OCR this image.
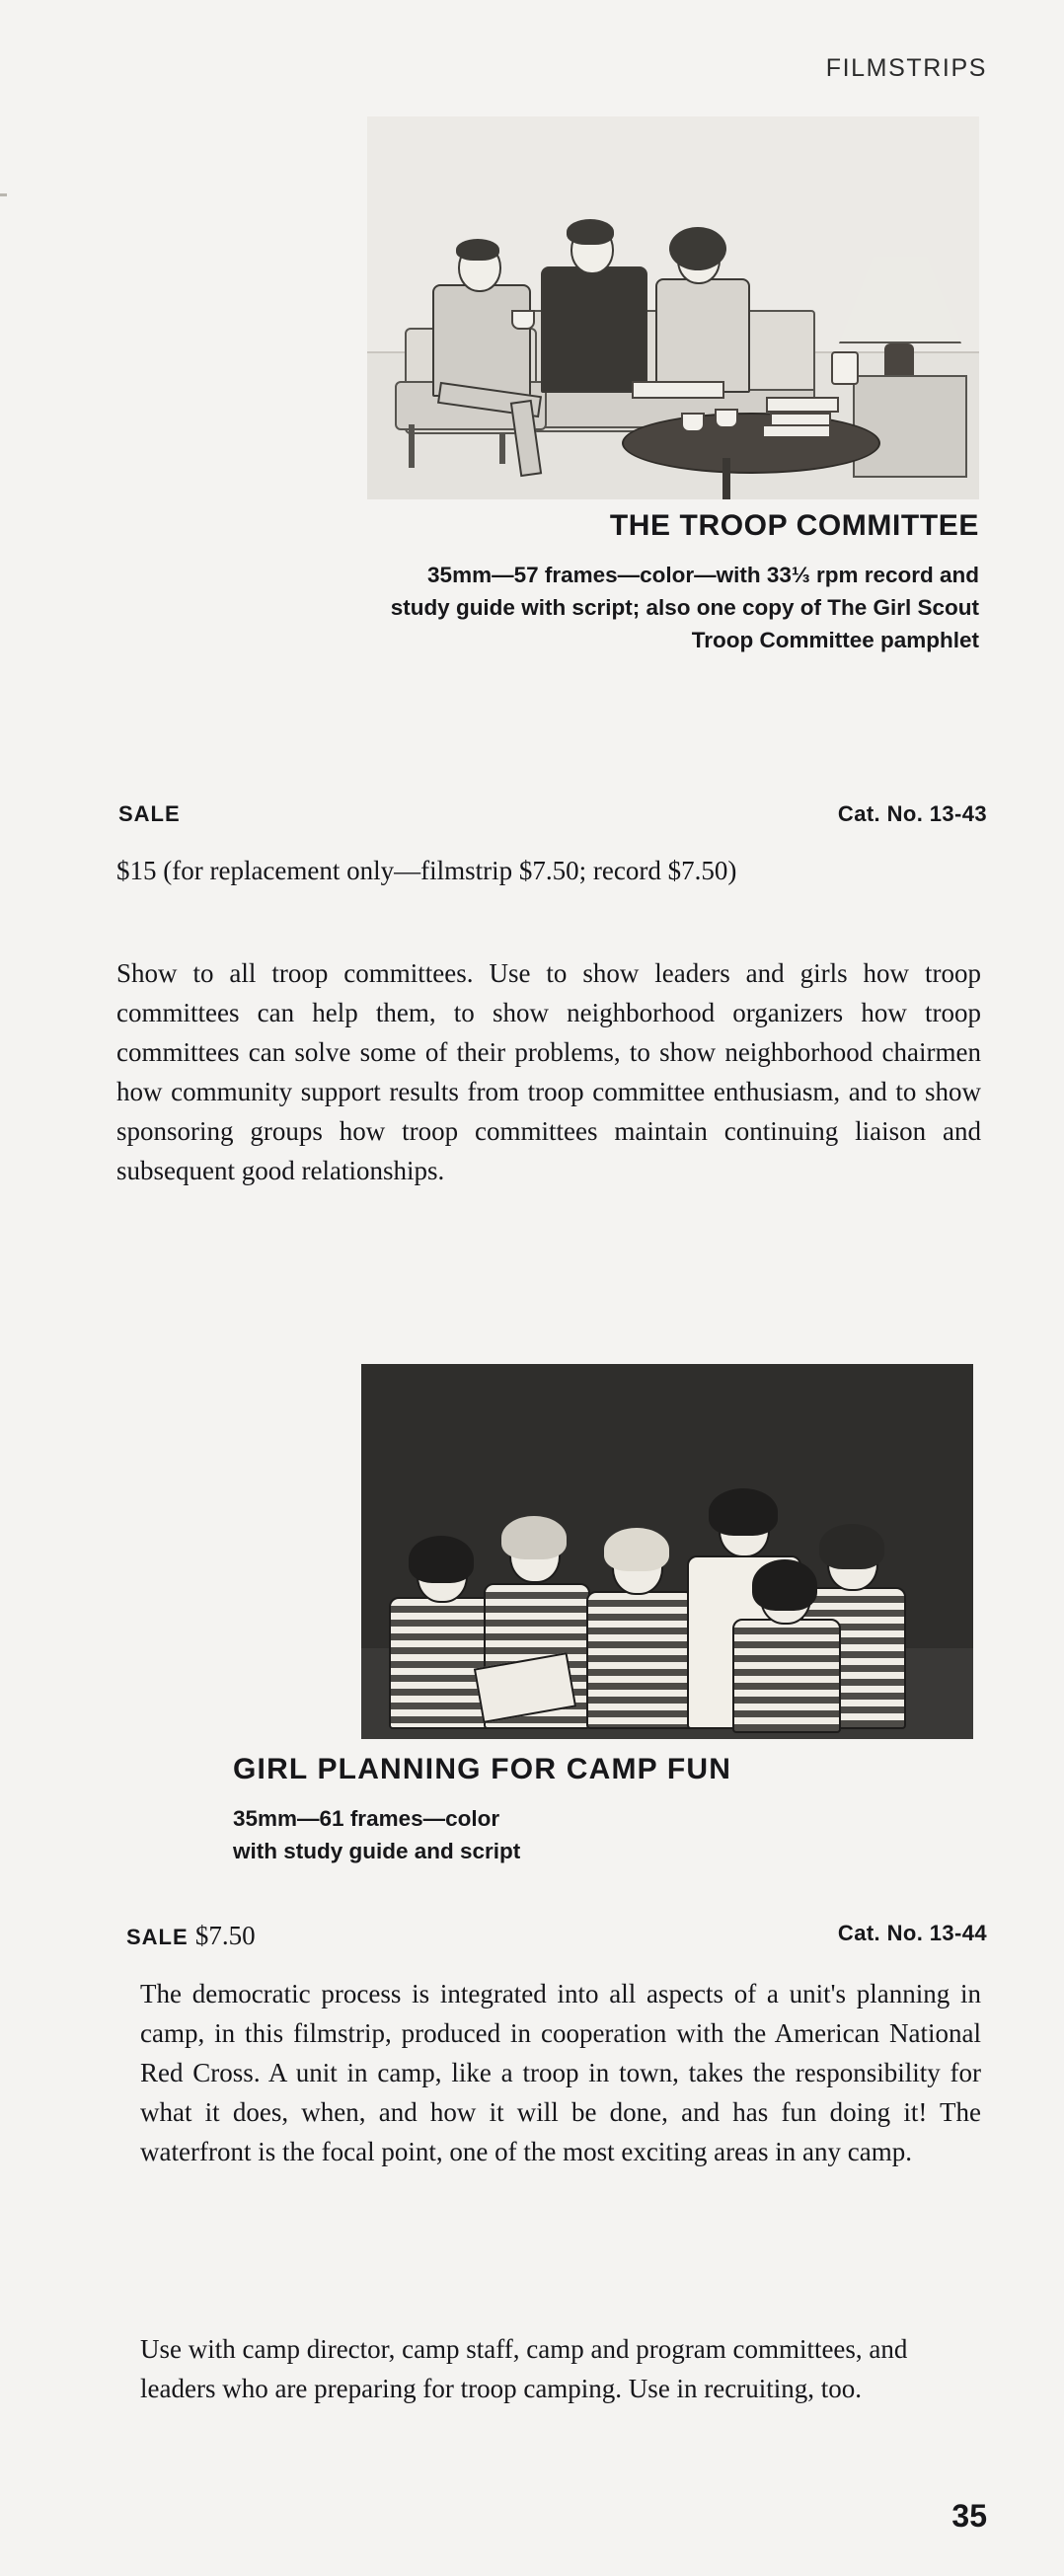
FILMSTRIPS
THE TROOP COMMITTEE
35mm—57 frames—color—with 33⅓ rpm record and study guide with script; also one copy of The Girl Scout Troop Committee pamphlet
SALE	Cat. No. 13-43
$15 (for replacement only—filmstrip $7.50; record $7.50)
Show to all troop committees. Use to show leaders and girls how troop committees can help them, to show neighborhood organizers how troop committees can solve some of their problems, to show neighborhood chairmen how community support results from troop committee enthusiasm, and to show sponsoring groups how troop committees maintain continuing liaison and subsequent good relationships.
GIRL PLANNING FOR CAMP FUN
35mm—61 frames—color
with study guide and script
SALE $7.50	Cat. No. 13-44
The democratic process is integrated into all aspects of a unit's planning in camp, in this filmstrip, produced in cooperation with the American National Red Cross. A unit in camp, like a troop in town, takes the responsibility for what it does, when, and how it will be done, and has fun doing it! The waterfront is the focal point, one of the most exciting areas in any camp.
Use with camp director, camp staff, camp and program committees, and leaders who are preparing for troop camping. Use in recruiting, too.
35
